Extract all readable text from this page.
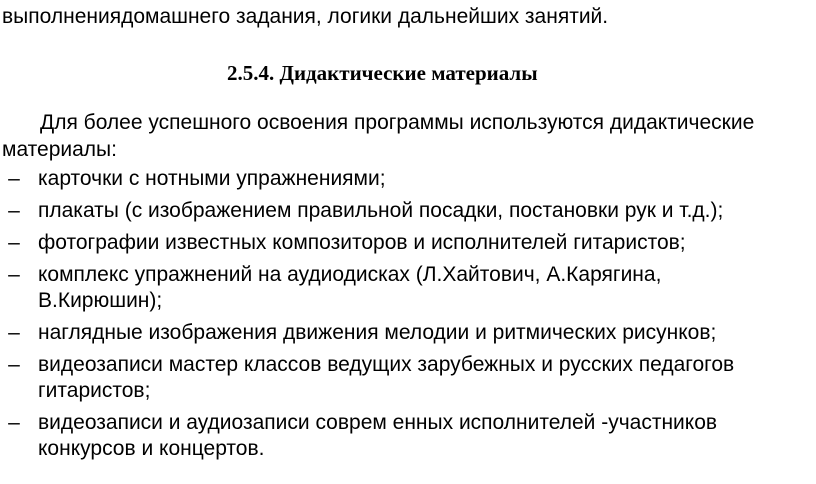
выполнениядомашнего задания, логики дальнейших занятий.
2.5.4. Дидактические материалы
Для более успешного освоения программы используются дидактические
материалы:
– карточки с нотными упражнениями;
– плакаты (с изображением правильной посадки, постановки рук и т.д.);
– фотографии известных композиторов и исполнителей гитаристов;
– комплекс упражнений на аудиодисках (Л.Хайтович, А.Карягина,
В.Кирюшин);
– наглядные изображения движения мелодии и ритмических рисунков;
– видеозаписи мастер классов ведущих зарубежных и русских педагогов
гитаристов;
– видеозаписи и аудиозаписи соврем енных исполнителей -участников
конкурсов и концертов.
